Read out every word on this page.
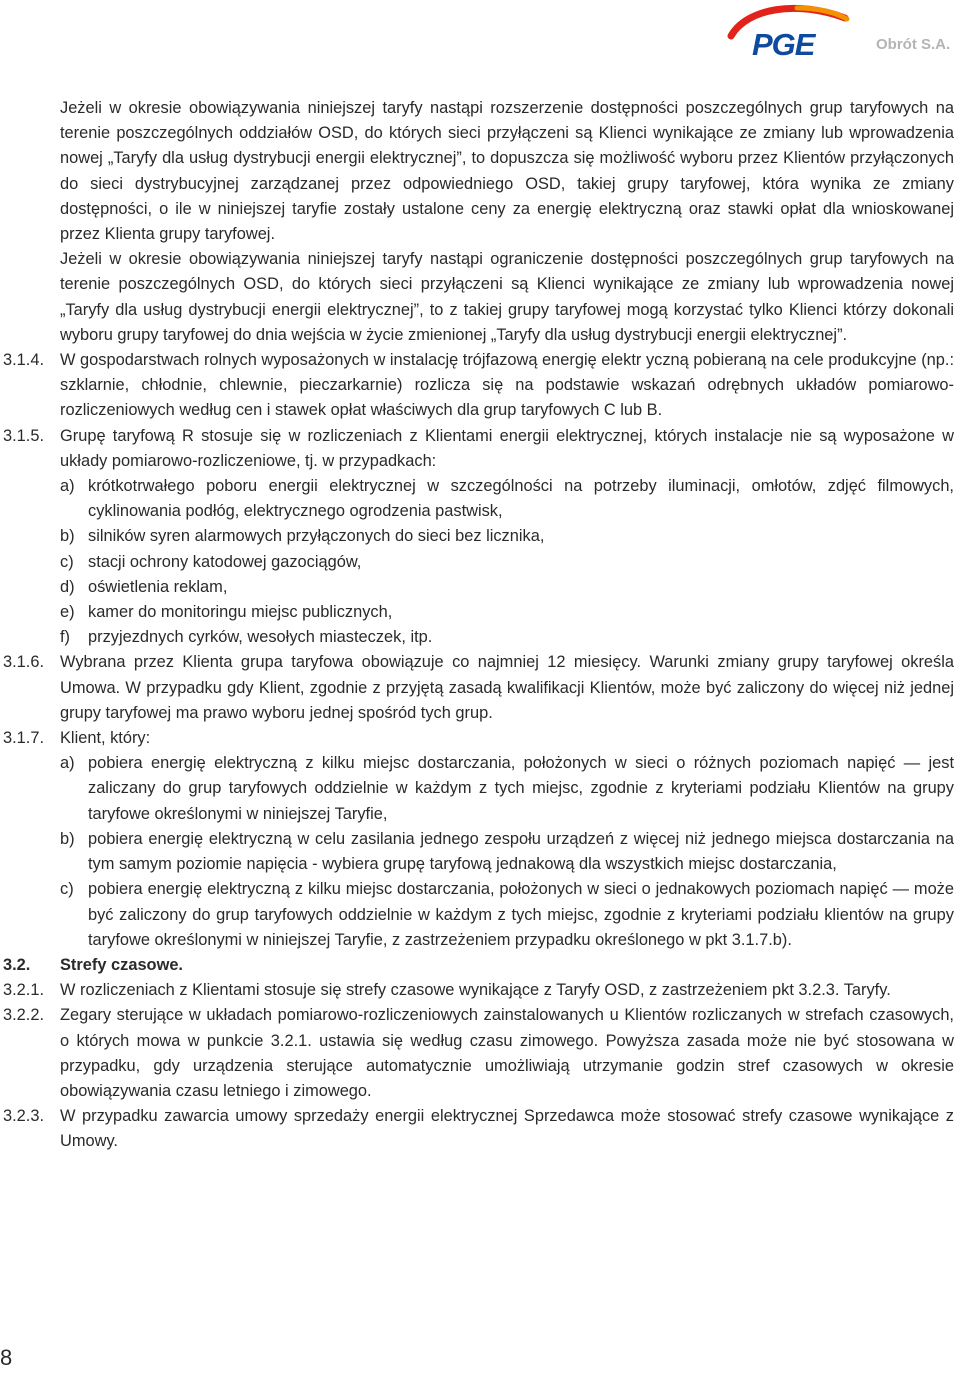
PGE	Obrót S.A.
Jeżeli w okresie obowiązywania niniejszej taryfy nastąpi rozszerzenie dostępności poszczególnych grup taryfowych na terenie poszczególnych oddziałów OSD, do których sieci przyłączeni są Klienci wynikające ze zmiany lub wprowadzenia nowej „Taryfy dla usług dystrybucji energii elektrycznej”, to dopuszcza się możliwość wyboru przez Klientów przyłączonych do sieci dystrybucyjnej zarządzanej przez odpowiedniego OSD, takiej grupy taryfowej, która wynika ze zmiany dostępności, o ile w niniejszej taryfie zostały ustalone ceny za energię elektryczną oraz stawki opłat dla wnioskowanej przez Klienta grupy taryfowej.
Jeżeli w okresie obowiązywania niniejszej taryfy nastąpi ograniczenie dostępności poszczególnych grup taryfowych na terenie poszczególnych OSD, do których sieci przyłączeni są Klienci wynikające ze zmiany lub wprowadzenia nowej „Taryfy dla usług dystrybucji energii elektrycznej”, to z takiej grupy taryfowej mogą korzystać tylko Klienci którzy dokonali wyboru grupy taryfowej do dnia wejścia w życie zmienionej „Taryfy dla usług dystrybucji energii elektrycznej”.
3.1.4. W gospodarstwach rolnych wyposażonych w instalację trójfazową energię elektr yczną pobieraną na cele produkcyjne (np.: szklarnie, chłodnie, chlewnie, pieczarkarnie) rozlicza się na podstawie wskazań odrębnych układów pomiarowo-rozliczeniowych według cen i stawek opłat właściwych dla grup taryfowych C lub B.
3.1.5. Grupę taryfową R stosuje się w rozliczeniach z Klientami energii elektrycznej, których instalacje nie są wyposażone w układy pomiarowo-rozliczeniowe, tj. w przypadkach:
a) krótkotrwałego poboru energii elektrycznej w szczególności na potrzeby iluminacji, omłotów, zdjęć filmowych, cyklinowania podłóg, elektrycznego ogrodzenia pastwisk,
b) silników syren alarmowych przyłączonych do sieci bez licznika,
c) stacji ochrony katodowej gazociągów,
d) oświetlenia reklam,
e) kamer do monitoringu miejsc publicznych,
f) przyjezdnych cyrków, wesołych miasteczek, itp.
3.1.6. Wybrana przez Klienta grupa taryfowa obowiązuje co najmniej 12 miesięcy. Warunki zmiany grupy taryfowej określa Umowa. W przypadku gdy Klient, zgodnie z przyjętą zasadą kwalifikacji Klientów, może być zaliczony do więcej niż jednej grupy taryfowej ma prawo wyboru jednej spośród tych grup.
3.1.7. Klient, który:
a) pobiera energię elektryczną z kilku miejsc dostarczania, położonych w sieci o różnych poziomach napięć — jest zaliczany do grup taryfowych oddzielnie w każdym z tych miejsc, zgodnie z kryteriami podziału Klientów na grupy taryfowe określonymi w niniejszej Taryfie,
b) pobiera energię elektryczną w celu zasilania jednego zespołu urządzeń z więcej niż jednego miejsca dostarczania na tym samym poziomie napięcia - wybiera grupę taryfową jednakową dla wszystkich miejsc dostarczania,
c) pobiera energię elektryczną z kilku miejsc dostarczania, położonych w sieci o jednakowych poziomach napięć — może być zaliczony do grup taryfowych oddzielnie w każdym z tych miejsc, zgodnie z kryteriami podziału klientów na grupy taryfowe określonymi w niniejszej Taryfie, z zastrzeżeniem przypadku określonego w pkt 3.1.7.b).
3.2. Strefy czasowe.
3.2.1. W rozliczeniach z Klientami stosuje się strefy czasowe wynikające z Taryfy OSD, z zastrzeżeniem pkt 3.2.3. Taryfy.
3.2.2. Zegary sterujące w układach pomiarowo-rozliczeniowych zainstalowanych u Klientów rozliczanych w strefach czasowych, o których mowa w punkcie 3.2.1. ustawia się według czasu zimowego. Powyższa zasada może nie być stosowana w przypadku, gdy urządzenia sterujące automatycznie umożliwiają utrzymanie godzin stref czasowych w okresie obowiązywania czasu letniego i zimowego.
3.2.3. W przypadku zawarcia umowy sprzedaży energii elektrycznej Sprzedawca może stosować strefy czasowe wynikające z Umowy.
8
